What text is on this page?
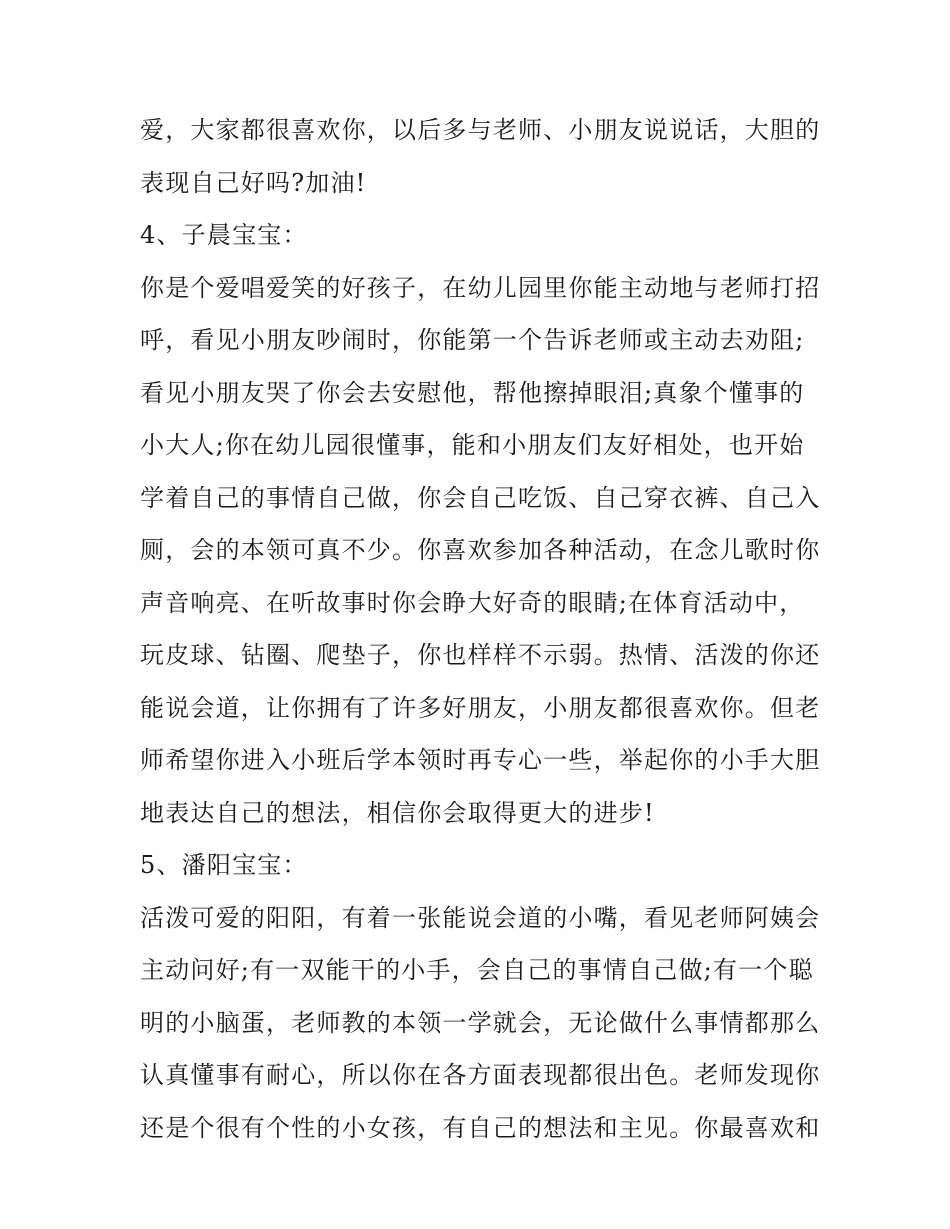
爱，大家都很喜欢你，以后多与老师、小朋友说说话，大胆的
表现自己好吗?加油!
4、子晨宝宝：
你是个爱唱爱笑的好孩子，在幼儿园里你能主动地与老师打招
呼，看见小朋友吵闹时，你能第一个告诉老师或主动去劝阻;
看见小朋友哭了你会去安慰他，帮他擦掉眼泪;真象个懂事的
小大人;你在幼儿园很懂事，能和小朋友们友好相处，也开始
学着自己的事情自己做，你会自己吃饭、自己穿衣裤、自己入
厕，会的本领可真不少。你喜欢参加各种活动，在念儿歌时你
声音响亮、在听故事时你会睁大好奇的眼睛;在体育活动中，
玩皮球、钻圈、爬垫子，你也样样不示弱。热情、活泼的你还
能说会道，让你拥有了许多好朋友，小朋友都很喜欢你。但老
师希望你进入小班后学本领时再专心一些，举起你的小手大胆
地表达自己的想法，相信你会取得更大的进步!
5、潘阳宝宝：
活泼可爱的阳阳，有着一张能说会道的小嘴，看见老师阿姨会
主动问好;有一双能干的小手，会自己的事情自己做;有一个聪
明的小脑蛋，老师教的本领一学就会，无论做什么事情都那么
认真懂事有耐心，所以你在各方面表现都很出色。老师发现你
还是个很有个性的小女孩，有自己的想法和主见。你最喜欢和
